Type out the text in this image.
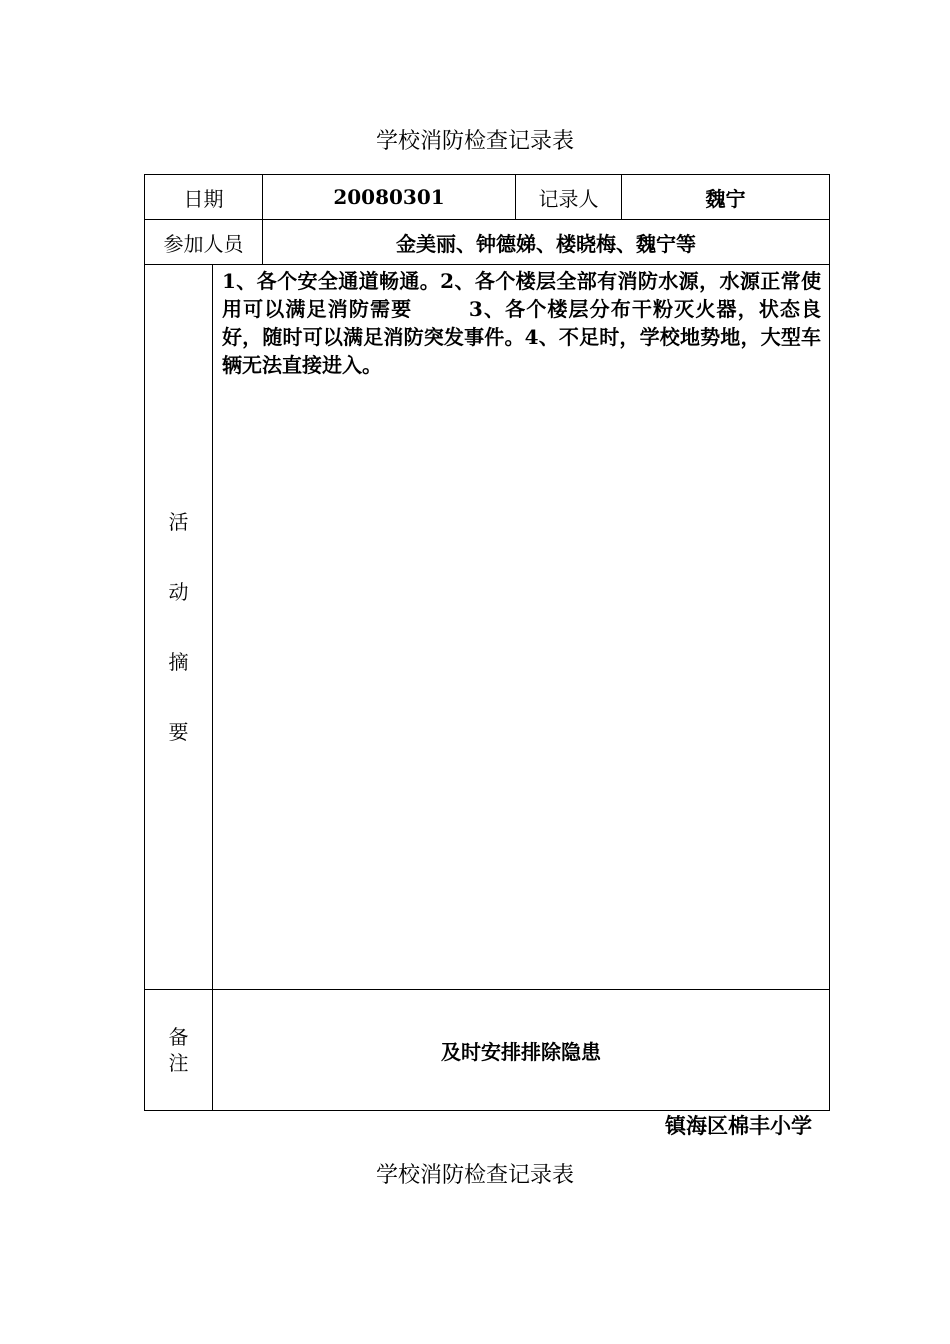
学校消防检查记录表
日期		20080301	记录人	魏宁
参加人员		金美丽、钟德娣、楼晓梅、魏宁等		

活
动
摘
要	1、各个安全通道畅通。2、各个楼层全部有消防水源，水源正常使用可以满足消防需要       3、各个楼层分布干粉灭火器，状态良好，随时可以满足消防突发事件。4、不足时，学校地势地，大型车辆无法直接进入。			

备
注	及时安排排除隐患			
镇海区棉丰小学
学校消防检查记录表
